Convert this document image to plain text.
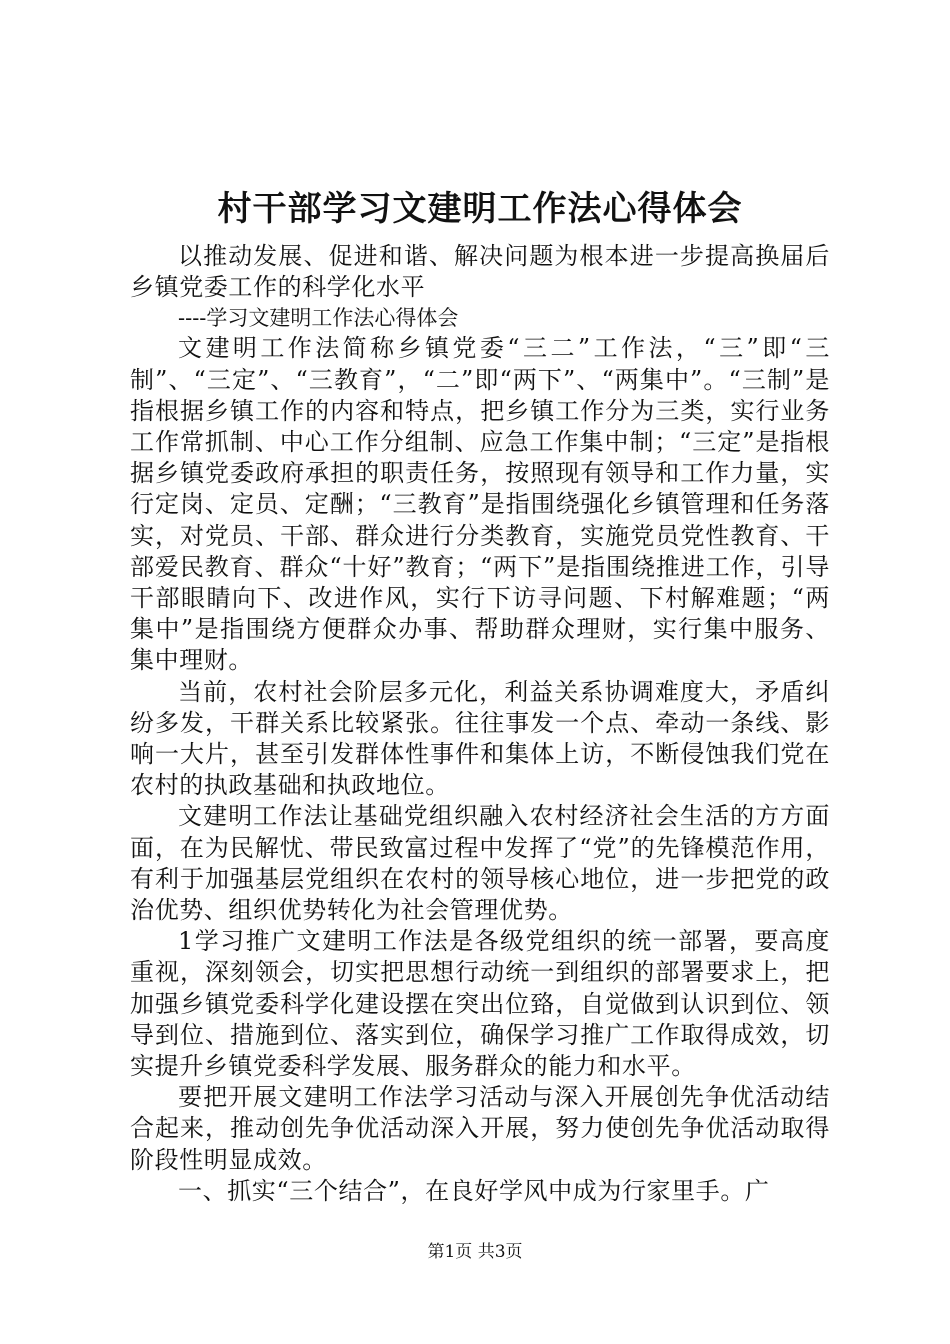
村干部学习文建明工作法心得体会

以推动发展、促进和谐、解决问题为根本进一步提高换届后乡镇党委工作的科学化水平

----学习文建明工作法心得体会

文建明工作法简称乡镇党委“三二”工作法，“三”即“三制”、“三定”、“三教育”，“二”即“两下”、“两集中”。“三制”是指根据乡镇工作的内容和特点，把乡镇工作分为三类，实行业务工作常抓制、中心工作分组制、应急工作集中制；“三定”是指根据乡镇党委政府承担的职责任务，按照现有领导和工作力量，实行定岗、定员、定酬；“三教育”是指围绕强化乡镇管理和任务落实，对党员、干部、群众进行分类教育，实施党员党性教育、干部爱民教育、群众“十好”教育；“两下”是指围绕推进工作，引导干部眼睛向下、改进作风，实行下访寻问题、下村解难题；“两集中”是指围绕方便群众办事、帮助群众理财，实行集中服务、集中理财。

当前，农村社会阶层多元化，利益关系协调难度大，矛盾纠纷多发，干群关系比较紧张。往往事发一个点、牵动一条线、影响一大片，甚至引发群体性事件和集体上访，不断侵蚀我们党在农村的执政基础和执政地位。

文建明工作法让基础党组织融入农村经济社会生活的方方面面，在为民解忧、带民致富过程中发挥了“党”的先锋模范作用，有利于加强基层党组织在农村的领导核心地位，进一步把党的政治优势、组织优势转化为社会管理优势。

1学习推广文建明工作法是各级党组织的统一部署，要高度重视，深刻领会，切实把思想行动统一到组织的部署要求上，把加强乡镇党委科学化建设摆在突出位臵，自觉做到认识到位、领导到位、措施到位、落实到位，确保学习推广工作取得成效，切实提升乡镇党委科学发展、服务群众的能力和水平。

要把开展文建明工作法学习活动与深入开展创先争优活动结合起来，推动创先争优活动深入开展，努力使创先争优活动取得阶段性明显成效。

一、抓实“三个结合”，在良好学风中成为行家里手。广

第1页 共3页
